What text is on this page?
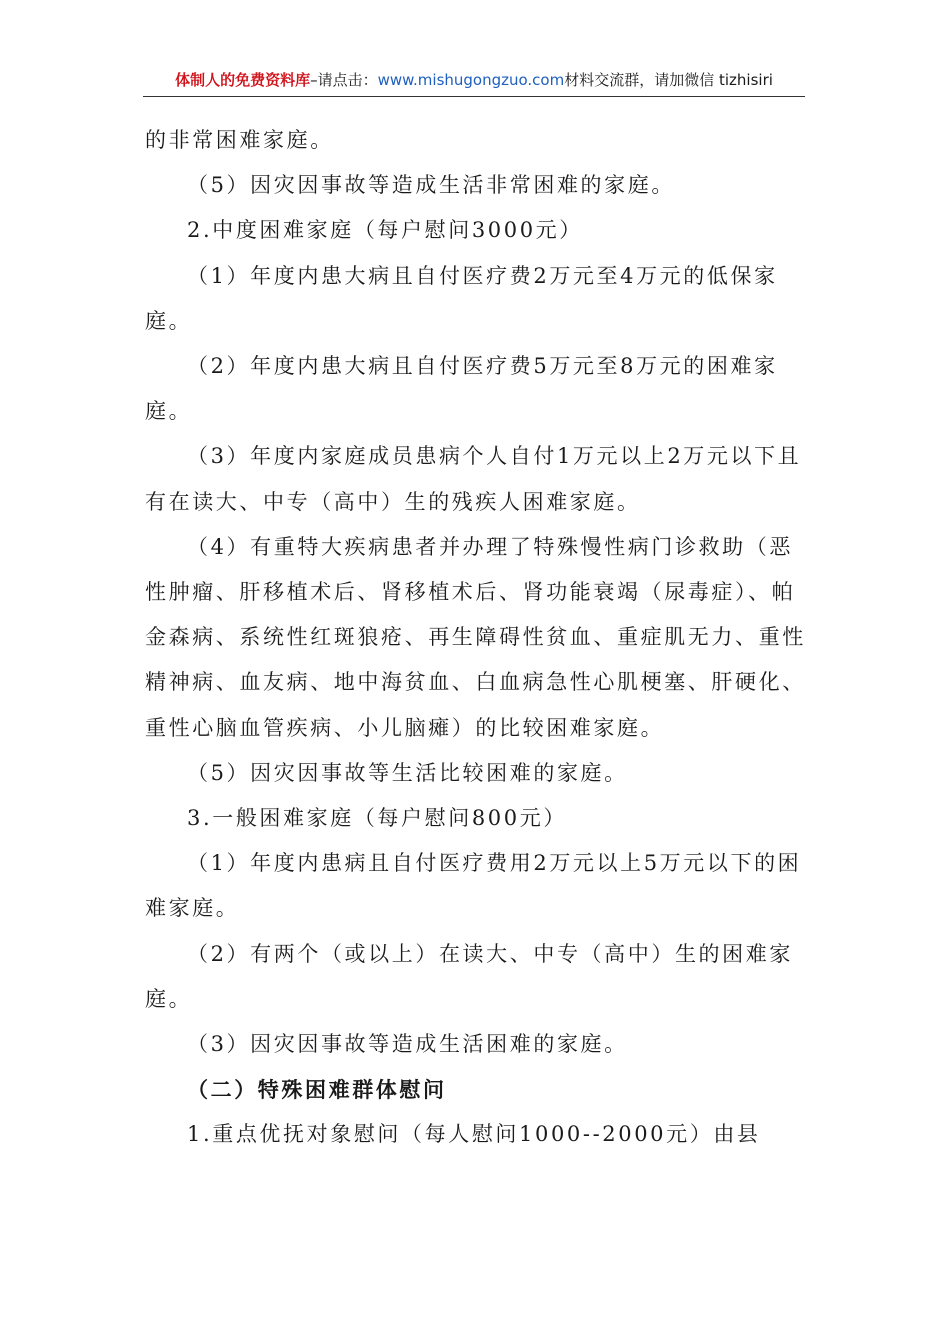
体制人的免费资料库–请点击：www.mishugongzuo.com材料交流群，请加微信 tizhisiri

的非常困难家庭。

（5）因灾因事故等造成生活非常困难的家庭。

2.中度困难家庭（每户慰问3000元）

（1）年度内患大病且自付医疗费2万元至4万元的低保家庭。

（2）年度内患大病且自付医疗费5万元至8万元的困难家庭。

（3）年度内家庭成员患病个人自付1万元以上2万元以下且有在读大、中专（高中）生的残疾人困难家庭。

（4）有重特大疾病患者并办理了特殊慢性病门诊救助（恶性肿瘤、肝移植术后、肾移植术后、肾功能衰竭（尿毒症）、帕金森病、系统性红斑狼疮、再生障碍性贫血、重症肌无力、重性精神病、血友病、地中海贫血、白血病急性心肌梗塞、肝硬化、重性心脑血管疾病、小儿脑瘫）的比较困难家庭。

（5）因灾因事故等生活比较困难的家庭。

3.一般困难家庭（每户慰问800元）

（1）年度内患病且自付医疗费用2万元以上5万元以下的困难家庭。

（2）有两个（或以上）在读大、中专（高中）生的困难家庭。

（3）因灾因事故等造成生活困难的家庭。

（二）特殊困难群体慰问

1.重点优抚对象慰问（每人慰问1000--2000元）由县
